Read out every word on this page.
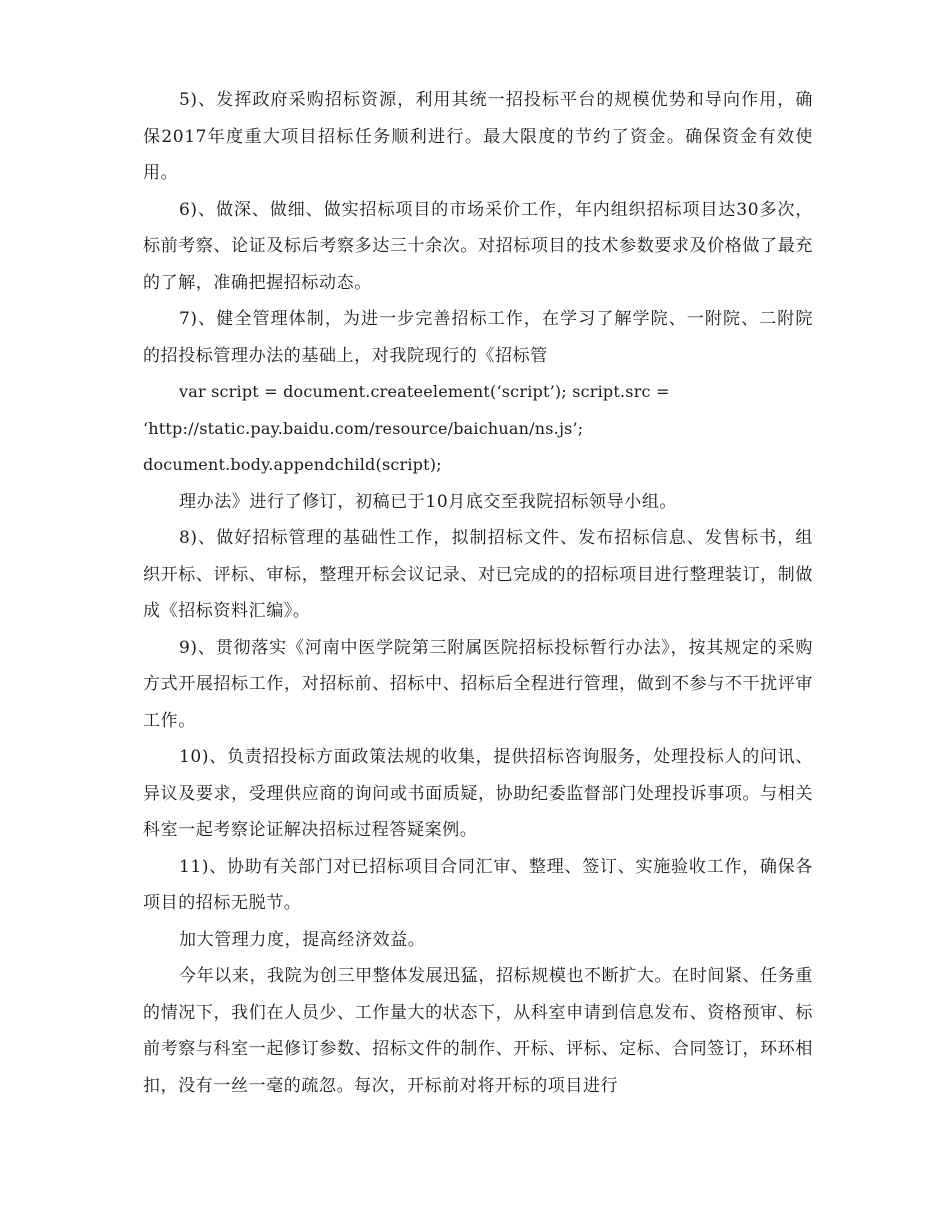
5)、发挥政府采购招标资源，利用其统一招投标平台的规模优势和导向作用，确保2017年度重大项目招标任务顺利进行。最大限度的节约了资金。确保资金有效使用。

6)、做深、做细、做实招标项目的市场采价工作，年内组织招标项目达30多次，标前考察、论证及标后考察多达三十余次。对招标项目的技术参数要求及价格做了最充的了解，准确把握招标动态。

7)、健全管理体制，为进一步完善招标工作，在学习了解学院、一附院、二附院的招投标管理办法的基础上，对我院现行的《招标管

var script = document.createelement(‘script’); script.src =

‘http://static.pay.baidu.com/resource/baichuan/ns.js’;

document.body.appendchild(script);

理办法》进行了修订，初稿已于10月底交至我院招标领导小组。

8)、做好招标管理的基础性工作，拟制招标文件、发布招标信息、发售标书，组织开标、评标、审标，整理开标会议记录、对已完成的的招标项目进行整理装订，制做成《招标资料汇编》。

9)、贯彻落实《河南中医学院第三附属医院招标投标暂行办法》，按其规定的采购方式开展招标工作，对招标前、招标中、招标后全程进行管理，做到不参与不干扰评审工作。

10)、负责招投标方面政策法规的收集，提供招标咨询服务，处理投标人的问讯、异议及要求，受理供应商的询问或书面质疑，协助纪委监督部门处理投诉事项。与相关科室一起考察论证解决招标过程答疑案例。

11)、协助有关部门对已招标项目合同汇审、整理、签订、实施验收工作，确保各项目的招标无脱节。

加大管理力度，提高经济效益。

今年以来，我院为创三甲整体发展迅猛，招标规模也不断扩大。在时间紧、任务重的情况下，我们在人员少、工作量大的状态下，从科室申请到信息发布、资格预审、标前考察与科室一起修订参数、招标文件的制作、开标、评标、定标、合同签订，环环相扣，没有一丝一毫的疏忽。每次，开标前对将开标的项目进行
